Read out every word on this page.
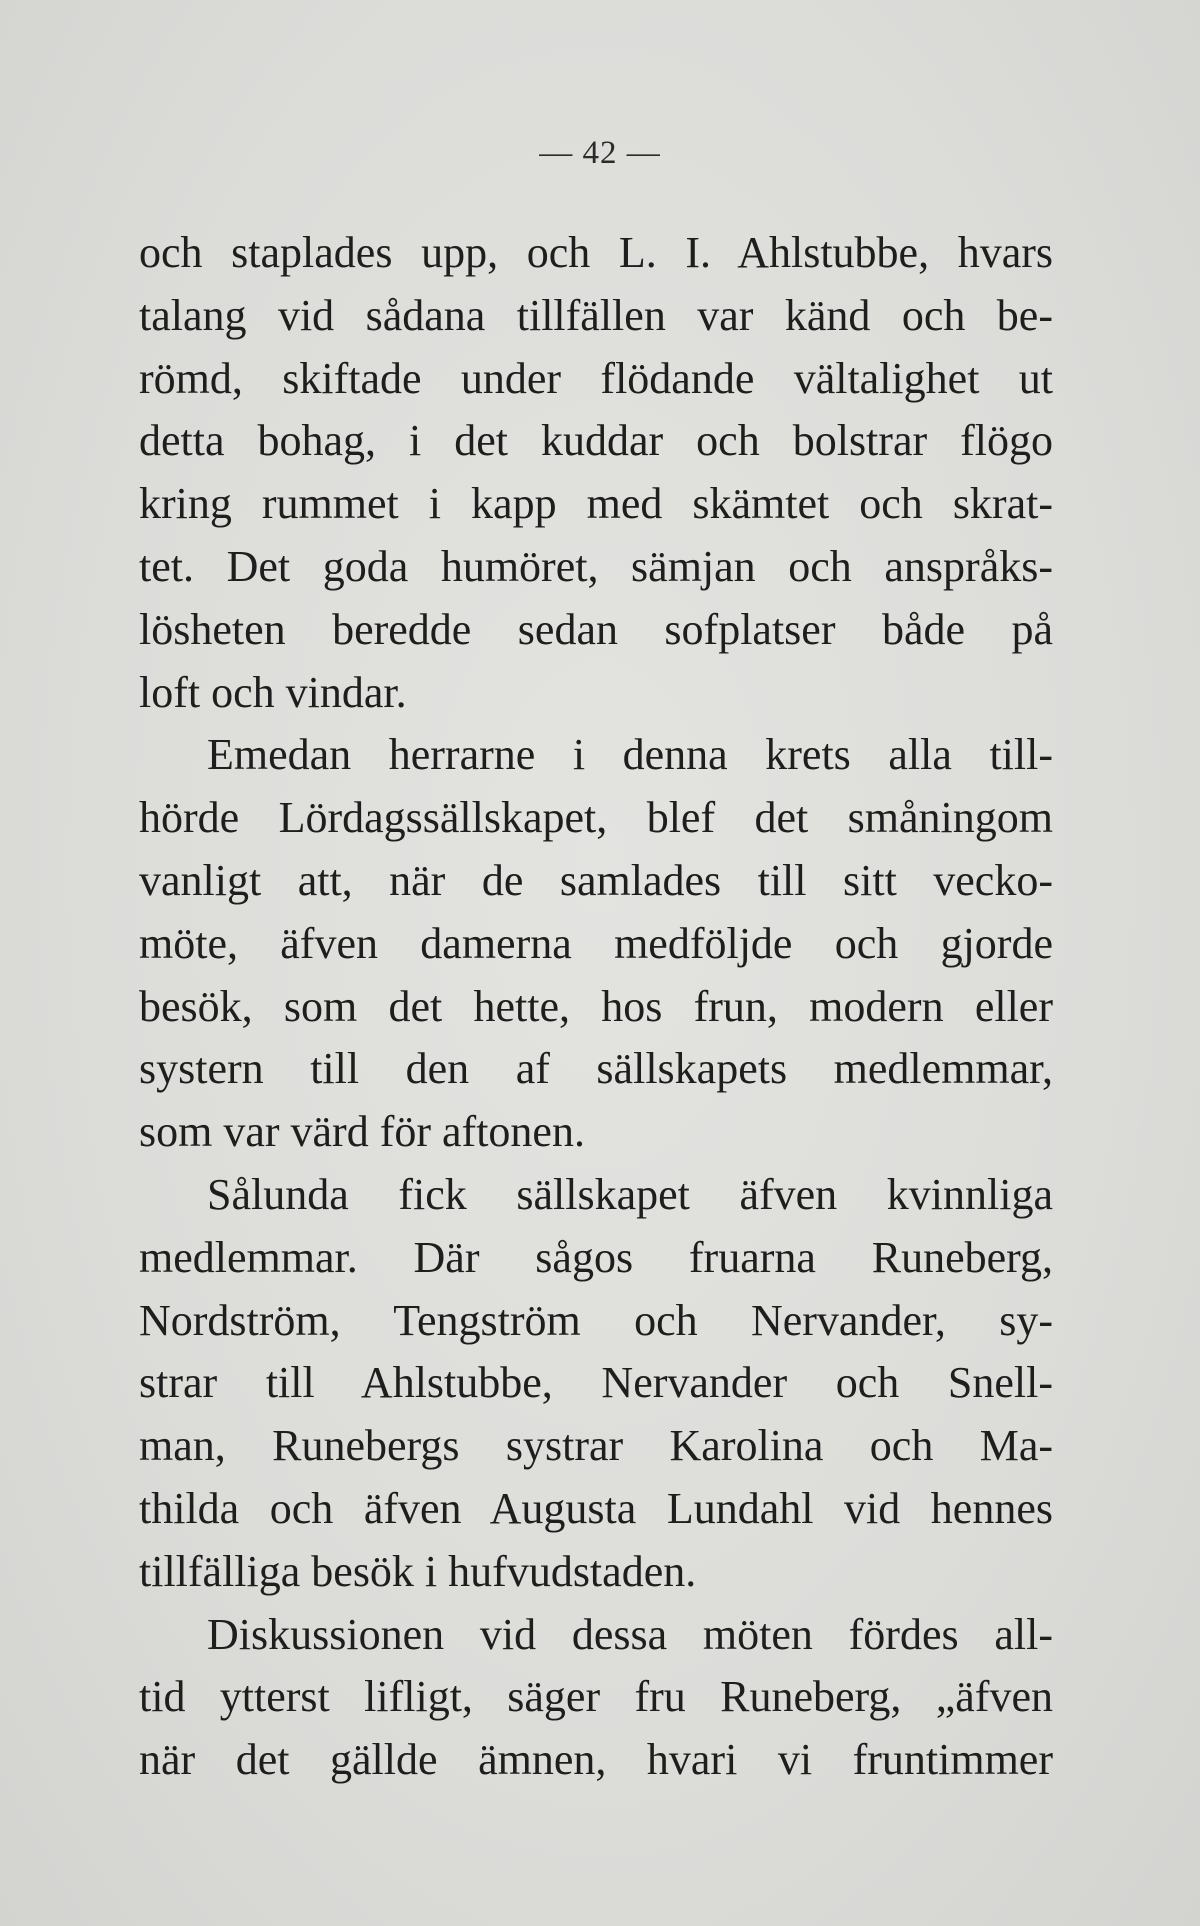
— 42 —
och staplades upp, och L. I. Ahlstubbe, hvars
talang vid sådana tillfällen var känd och be-
römd, skiftade under flödande vältalighet ut
detta bohag, i det kuddar och bolstrar flögo
kring rummet i kapp med skämtet och skrat-
tet. Det goda humöret, sämjan och anspråks-
lösheten beredde sedan sofplatser både på
loft och vindar.
Emedan herrarne i denna krets alla till-
hörde Lördagssällskapet, blef det småningom
vanligt att, när de samlades till sitt vecko-
möte, äfven damerna medföljde och gjorde
besök, som det hette, hos frun, modern eller
systern till den af sällskapets medlemmar,
som var värd för aftonen.
Sålunda fick sällskapet äfven kvinnliga
medlemmar. Där sågos fruarna Runeberg,
Nordström, Tengström och Nervander, sy-
strar till Ahlstubbe, Nervander och Snell-
man, Runebergs systrar Karolina och Ma-
thilda och äfven Augusta Lundahl vid hennes
tillfälliga besök i hufvudstaden.
Diskussionen vid dessa möten fördes all-
tid ytterst lifligt, säger fru Runeberg, „äfven
när det gällde ämnen, hvari vi fruntimmer
